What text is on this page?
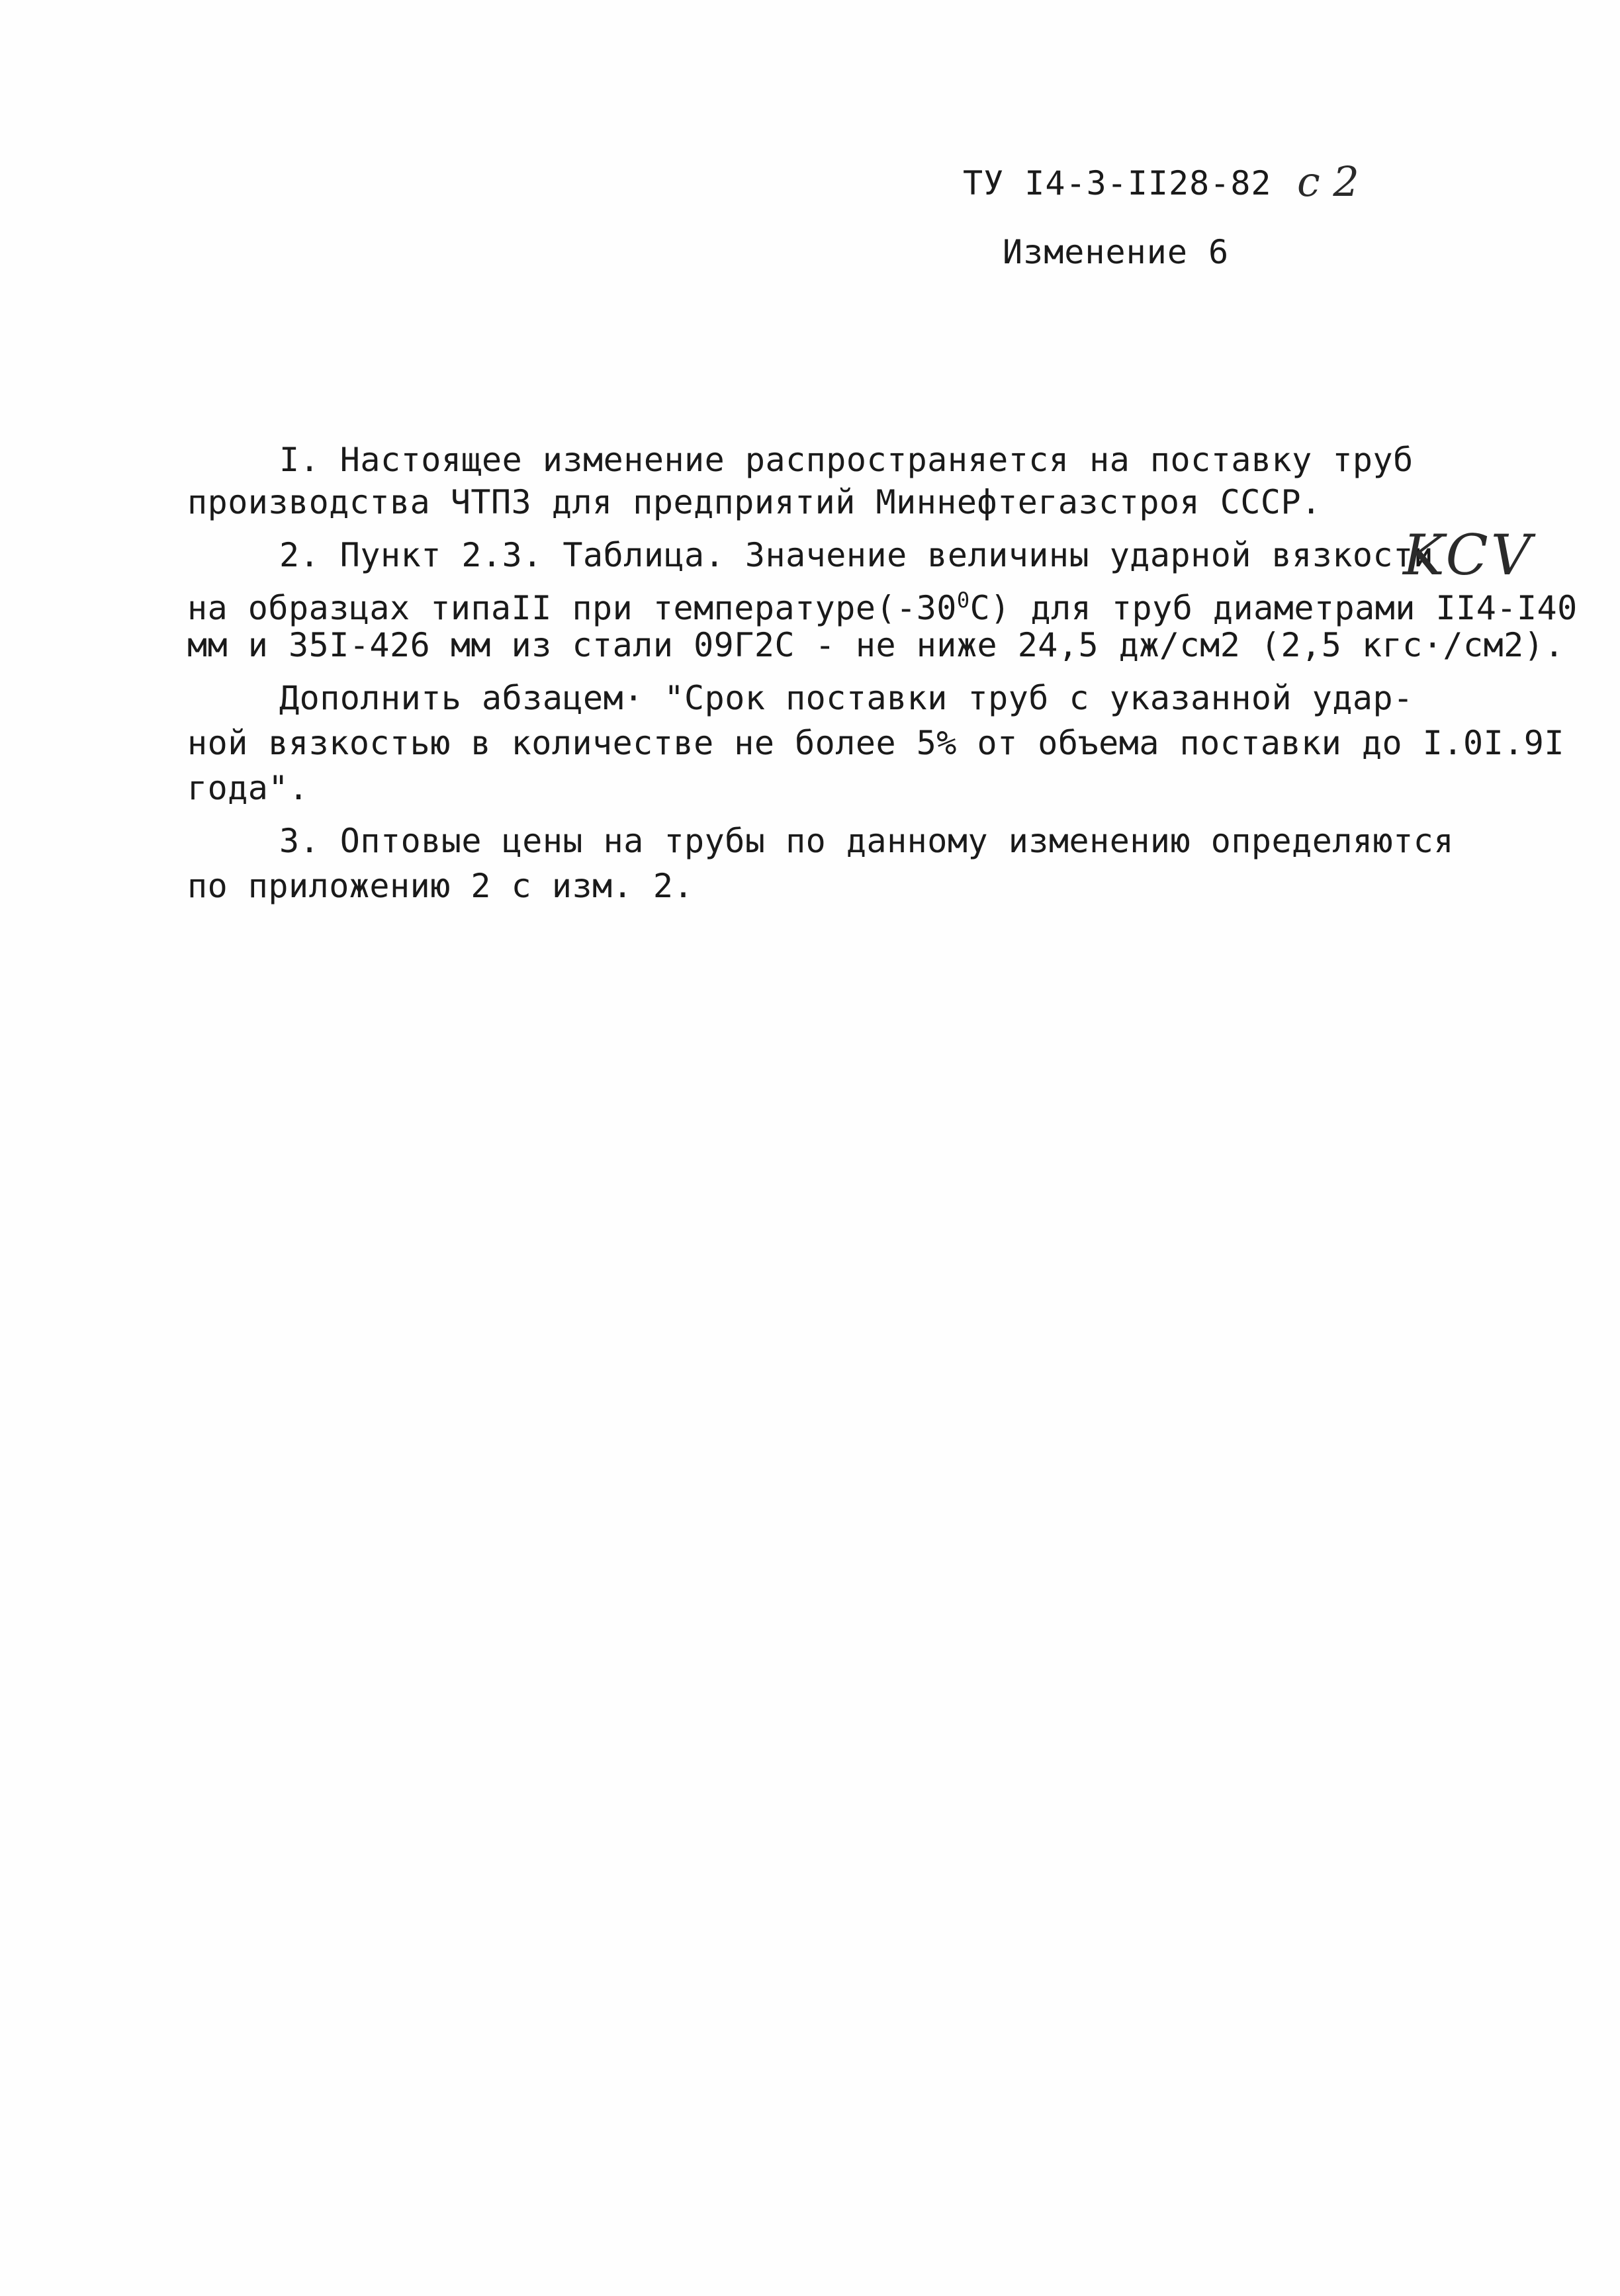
ТУ I4-3-II28-82 с 2
Изменение 6
I. Настоящее изменение распространяется на поставку труб
производства ЧТПЗ для предприятий Миннефтегазстроя СССР.
2. Пункт 2.3. Таблица. Значение величины ударной вязкости
KCV
на образцах типаII при $температуре(-30^0С)$ для труб диаметрами II4-I40
мм и 35I-426 мм из стали 09Г2С - не ниже 24,5 дж/см2 (2,5 кгс·/см2).
Дополнить абзацем· "Срок поставки труб с указанной удар-
ной вязкостью в количестве не более 5% от объема поставки до I.0I.9I
года".
3. Оптовые цены на трубы по данному изменению определяются
по приложению 2 с изм. 2.
